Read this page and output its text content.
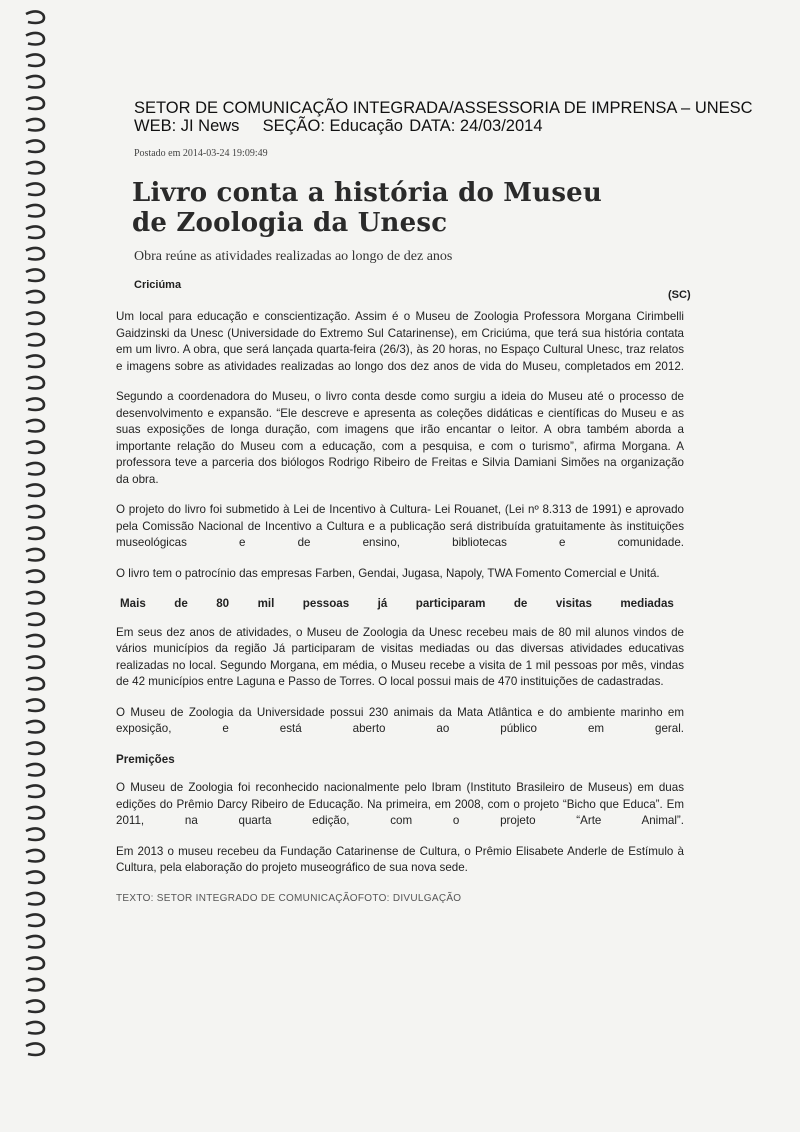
SETOR DE COMUNICAÇÃO INTEGRADA/ASSESSORIA DE IMPRENSA – UNESC
WEB: JI News SEÇÃO: Educação DATA: 24/03/2014
Postado em 2014-03-24 19:09:49
Livro conta a história do Museu de Zoologia da Unesc
Obra reúne as atividades realizadas ao longo de dez anos
Criciúma
(SC)

Um local para educação e conscientização. Assim é o Museu de Zoologia Professora Morgana Cirimbelli Gaidzinski da Unesc (Universidade do Extremo Sul Catarinense), em Criciúma, que terá sua história contata em um livro. A obra, que será lançada quarta-feira (26/3), às 20 horas, no Espaço Cultural Unesc, traz relatos e imagens sobre as atividades realizadas ao longo dos dez anos de vida do Museu, completados em 2012.

Segundo a coordenadora do Museu, o livro conta desde como surgiu a ideia do Museu até o processo de desenvolvimento e expansão. “Ele descreve e apresenta as coleções didáticas e científicas do Museu e as suas exposições de longa duração, com imagens que irão encantar o leitor. A obra também aborda a importante relação do Museu com a educação, com a pesquisa, e com o turismo”, afirma Morgana. A professora teve a parceria dos biólogos Rodrigo Ribeiro de Freitas e Silvia Damiani Simões na organização da obra.

O projeto do livro foi submetido à Lei de Incentivo à Cultura- Lei Rouanet, (Lei nº 8.313 de 1991) e aprovado pela Comissão Nacional de Incentivo a Cultura e a publicação será distribuída gratuitamente às instituições museológicas e de ensino, bibliotecas e comunidade.

O livro tem o patrocínio das empresas Farben, Gendai, Jugasa, Napoly, TWA Fomento Comercial e Unitá.

Mais de 80 mil pessoas já participaram de visitas mediadas

Em seus dez anos de atividades, o Museu de Zoologia da Unesc recebeu mais de 80 mil alunos vindos de vários municípios da região Já participaram de visitas mediadas ou das diversas atividades educativas realizadas no local. Segundo Morgana, em média, o Museu recebe a visita de 1 mil pessoas por mês, vindas de 42 municípios entre Laguna e Passo de Torres. O local possui mais de 470 instituições de cadastradas.

O Museu de Zoologia da Universidade possui 230 animais da Mata Atlântica e do ambiente marinho em exposição, e está aberto ao público em geral.

Premições

O Museu de Zoologia foi reconhecido nacionalmente pelo Ibram (Instituto Brasileiro de Museus) em duas edições do Prêmio Darcy Ribeiro de Educação. Na primeira, em 2008, com o projeto “Bicho que Educa”. Em 2011, na quarta edição, com o projeto “Arte Animal”.

Em 2013 o museu recebeu da Fundação Catarinense de Cultura, o Prêmio Elisabete Anderle de Estímulo à Cultura, pela elaboração do projeto museográfico de sua nova sede.

TEXTO: SETOR INTEGRADO DE COMUNICAÇÃOFOTO: DIVULGAÇÃO
